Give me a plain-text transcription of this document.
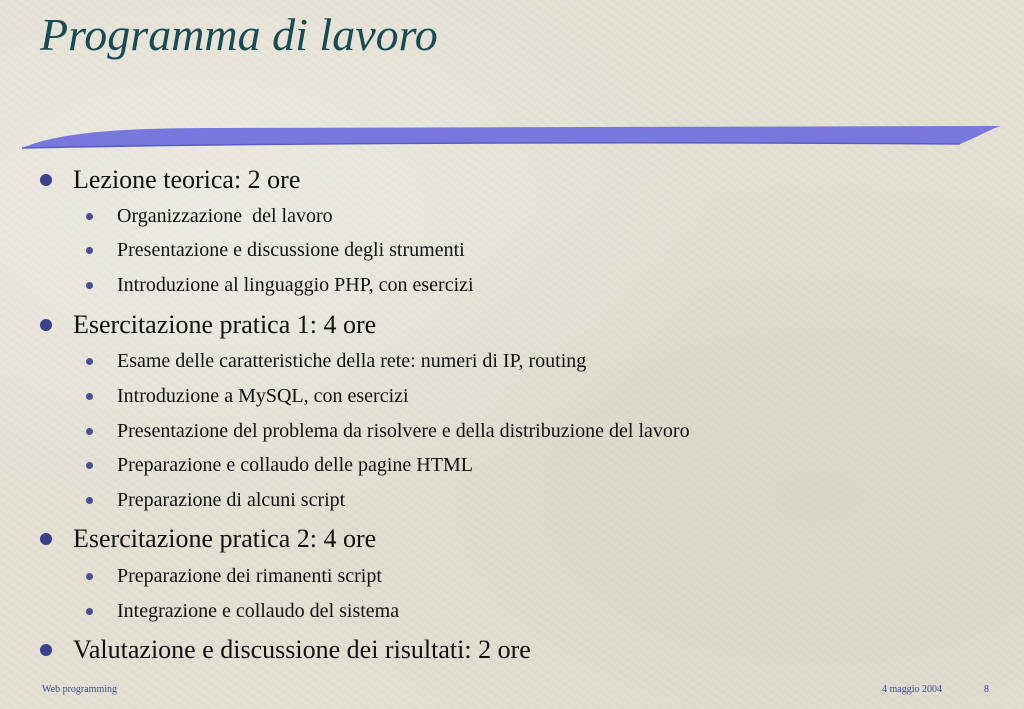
Programma di lavoro
Lezione teorica: 2 ore
Organizzazione  del lavoro
Presentazione e discussione degli strumenti
Introduzione al linguaggio PHP, con esercizi
Esercitazione pratica 1: 4 ore
Esame delle caratteristiche della rete: numeri di IP, routing
Introduzione a MySQL, con esercizi
Presentazione del problema da risolvere e della distribuzione del lavoro
Preparazione e collaudo delle pagine HTML
Preparazione di alcuni script
Esercitazione pratica 2: 4 ore
Preparazione dei rimanenti script
Integrazione e collaudo del sistema
Valutazione e discussione dei risultati: 2 ore
Web programming	4 maggio 2004	8
